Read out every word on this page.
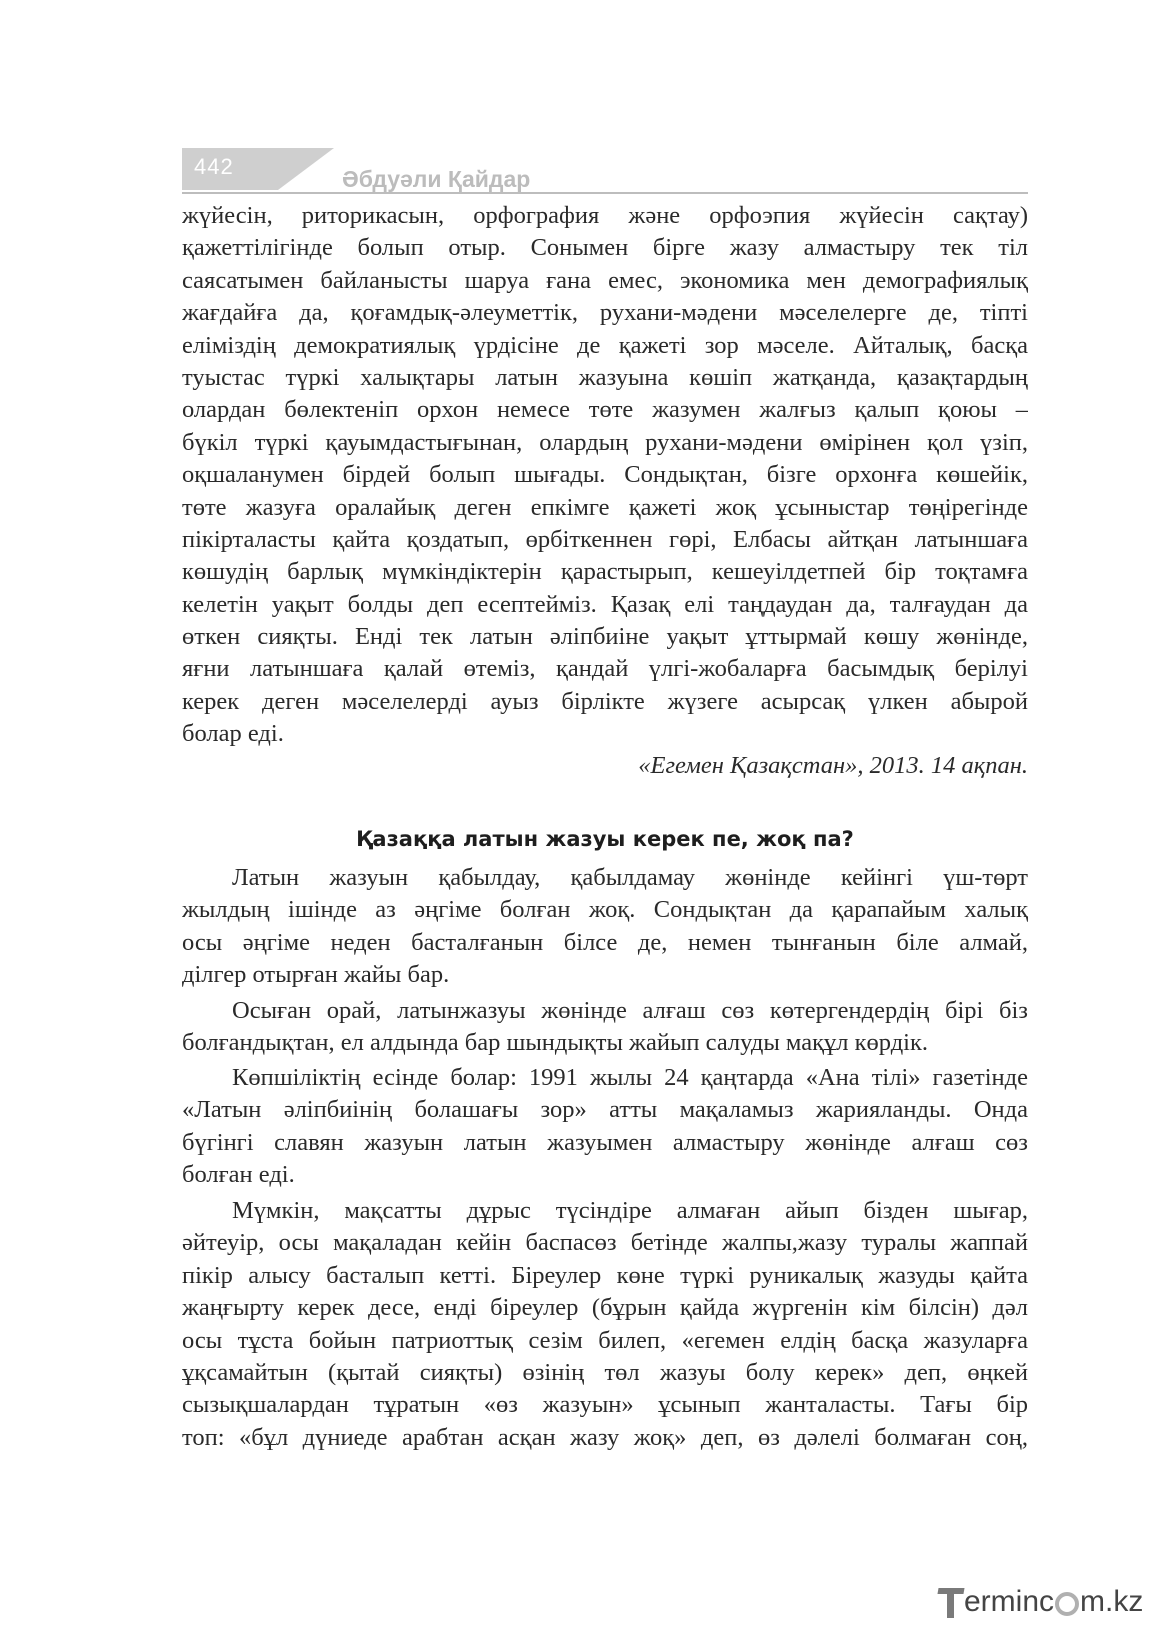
442	Әбдуәли Қайдар
жүйесін, риторикасын, орфография және орфоэпия жүйесін сақтау)
қажеттілігінде болып отыр. Сонымен бірге жазу алмастыру тек тіл
саясатымен байланысты шаруа ғана емес, экономика мен демографиялық
жағдайға да, қоғамдық-әлеуметтік, рухани-мәдени мәселелерге де, тіпті
еліміздің демократиялық үрдісіне де қажеті зор мәселе. Айталық, басқа
туыстас түркі халықтары латын жазуына көшіп жатқанда, қазақтардың
олардан бөлектеніп орхон немесе төте жазумен жалғыз қалып қоюы –
бүкіл түркі қауымдастығынан, олардың рухани-мәдени өмірінен қол үзіп,
оқшаланумен бірдей болып шығады. Сондықтан, бізге орхонға көшейік,
төте жазуға оралайық деген епкімге қажеті жоқ ұсыныстар төңірегінде
пікірталасты қайта қоздатып, өрбіткеннен гөрі, Елбасы айтқан латыншаға
көшудің барлық мүмкіндіктерін қарастырып, кешеуілдетпей бір тоқтамға
келетін уақыт болды деп есептейміз. Қазақ елі таңдаудан да, талғаудан да
өткен сияқты. Енді тек латын әліпбиіне уақыт ұттырмай көшу жөнінде,
яғни латыншаға қалай өтеміз, қандай үлгі-жобаларға басымдық берілуі
керек деген мәселелерді ауыз бірлікте жүзеге асырсақ үлкен абырой
болар еді.
«Егемен Қазақстан», 2013. 14 ақпан.
Қазаққа латын жазуы керек пе, жоқ па?
Латын жазуын қабылдау, қабылдамау жөнінде кейінгі үш-төрт
жылдың ішінде аз әңгіме болған жоқ. Сондықтан да қарапайым халық
осы әңгіме неден басталғанын білсе де, немен тынғанын біле алмай,
ділгер отырған жайы бар.
Осыған орай, латынжазуы жөнінде алғаш сөз көтергендердің бірі біз
болғандықтан, ел алдында бар шындықты жайып салуды мақұл көрдік.
Көпшіліктің есінде болар: 1991 жылы 24 қаңтарда «Ана тілі» газетінде
«Латын әліпбиінің болашағы зор» атты мақаламыз жарияланды. Онда
бүгінгі славян жазуын латын жазуымен алмастыру жөнінде алғаш сөз
болған еді.
Мүмкін, мақсатты дұрыс түсіндіре алмаған айып бізден шығар,
әйтеуір, осы мақаладан кейін баспасөз бетінде жалпы,жазу туралы жаппай
пікір алысу басталып кетті. Біреулер көне түркі руникалық жазуды қайта
жаңғырту керек десе, енді біреулер (бұрын қайда жүргенін кім білсін) дәл
осы тұста бойын патриоттық сезім билеп, «егемен елдің басқа жазуларға
ұқсамайтын (қытай сияқты) өзінің төл жазуы болу керек» деп, өңкей
сызықшалардан тұратын «өз жазуын» ұсынып жанталасты. Тағы бір
топ: «бұл дүниеде арабтан асқан жазу жоқ» деп, өз дәлелі болмаған соң,
ermin c m.kz
